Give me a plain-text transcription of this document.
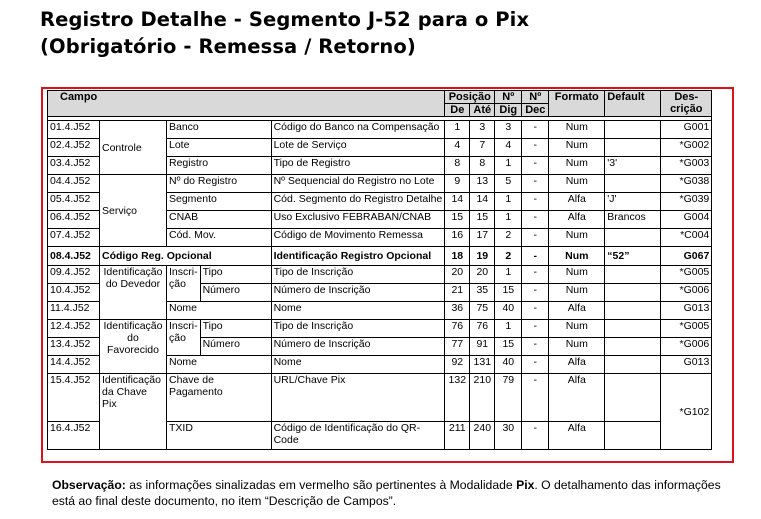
Registro Detalhe - Segmento J-52 para o Pix
(Obrigatório - Remessa / Retorno)
Campo					Posição		Nº	Nº	Formato	Default	Des-
crição

					De	Até	Dig	Dec			

01.4.J52	Controle	Banco		Código do Banco na Compensação	1	3	3	-	Num		G001
02.4.J52		Lote		Lote de Serviço	4	7	4	-	Num		*G002
03.4.J52		Registro		Tipo de Registro	8	8	1	-	Num	'3'	*G003
04.4.J52	Serviço	Nº do Registro		Nº Sequencial do Registro no Lote	9	13	5	-	Num		*G038
05.4.J52		Segmento		Cód. Segmento do Registro Detalhe	14	14	1	-	Alfa	'J'	*G039
06.4.J52		CNAB		Uso Exclusivo FEBRABAN/CNAB	15	15	1	-	Alfa	Brancos	G004
07.4.J52		Cód. Mov.		Código de Movimento Remessa	16	17	2	-	Num		*C004
08.4.J52	Código Reg. Opcional			Identificação Registro Opcional	18	19	2	-	Num	“52”	G067
09.4.J52	Identificação do Devedor	Inscri-ção	Tipo	Tipo de Inscrição	20	20	1	-	Num		*G005
10.4.J52			Número	Número de Inscrição	21	35	15	-	Num		*G006
11.4.J52		Nome		Nome	36	75	40	-	Alfa		G013
12.4.J52	Identificação do Favorecido	Inscri-ção	Tipo	Tipo de Inscrição	76	76	1	-	Num		*G005
13.4.J52			Número	Número de Inscrição	77	91	15	-	Num		*G006
14.4.J52		Nome		Nome	92	131	40	-	Alfa		G013
15.4.J52	Identificação da Chave Pix	Chave de Pagamento		URL/Chave Pix	132	210	79	-	Alfa		*G102
16.4.J52		TXID		Código de Identificação do QR-Code	211	240	30	-	Alfa		
Observação: as informações sinalizadas em vermelho são pertinentes à Modalidade Pix. O detalhamento das informações está ao final deste documento, no item “Descrição de Campos”.
